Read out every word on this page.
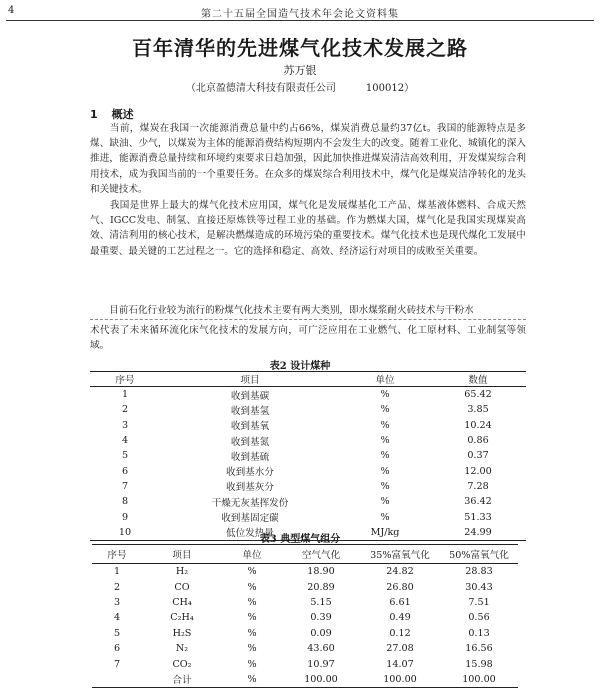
4	第二十五届全国造气技术年会论文资料集
百年清华的先进煤气化技术发展之路
苏万银
（北京盈德清大科技有限责任公司	100012）
1 概述

　　当前，煤炭在我国一次能源消费总量中约占66%，煤炭消费总量约37亿t。我国的能源特点是多煤、缺油、少气，以煤炭为主体的能源消费结构短期内不会发生大的改变。随着工业化、城镇化的深入推进，能源消费总量持续和环境约束要求日趋加强，因此加快推进煤炭清洁高效利用，开发煤炭综合利用技术，成为我国当前的一个重要任务。在众多的煤炭综合利用技术中，煤气化是煤炭洁净转化的龙头和关键技术。

　　我国是世界上最大的煤气化技术应用国，煤气化是发展煤基化工产品、煤基液体燃料、合成天然气、IGCC发电、制氢、直接还原炼铁等过程工业的基础。作为燃煤大国，煤气化是我国实现煤炭高效、清洁利用的核心技术，是解决燃煤造成的环境污染的重要技术。煤气化技术也是现代煤化工发展中最重要、最关键的工艺过程之一。它的选择和稳定、高效、经济运行对项目的成败至关重要。

　　目前石化行业较为流行的粉煤气化技术主要有两大类别，即水煤浆耐火砖技术与干粉水

术代表了未来循环流化床气化技术的发展方向，可广泛应用在工业燃气、化工原材料、工业制氢等领域。

表2 设计煤种
序号	项目	单位	数值
1	收到基碳	%	65.42
2	收到基氢	%	3.85
3	收到基氧	%	10.24
4	收到基氮	%	0.86
5	收到基硫	%	0.37
6	收到基水分	%	12.00
7	收到基灰分	%	7.28
8	干燥无灰基挥发份	%	36.42
9	收到基固定碳	%	51.33
10	低位发热量	MJ/kg	24.99
表3 典型煤气组分
序号	项目	单位	空气气化	35%富氧气化	50%富氧气化
1	H₂	%	18.90	24.82	28.83
2	CO	%	20.89	26.80	30.43
3	CH₄	%	5.15	6.61	7.51
4	C₂H₄	%	0.39	0.49	0.56
5	H₂S	%	0.09	0.12	0.13
6	N₂	%	43.60	27.08	16.56
7	CO₂	%	10.97	14.07	15.98
	合计	%	100.00	100.00	100.00
